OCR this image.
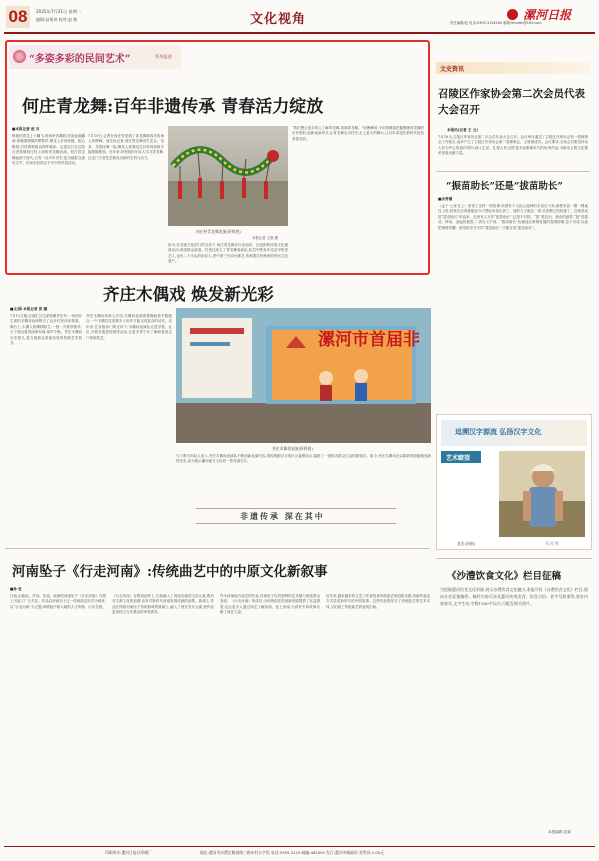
08	2025年7月21日 星期一
编辑:赵瑶玥 校对:赵 敏	文化视角	漯河日报
责任编辑/赵 电话:0395-3134000 邮箱:lhrbrbh@163.com
“多姿多彩的民间艺术”	系列报道
何庄青龙舞:百年非遗传承 青春活力绽放
■本报记者 赵 吉
鲜艳的青龙上下翻飞,时而昂首腾跃,时而盘旋翻滚,伴随着铿锵的锣鼓声,舞龙人步伐矫健、配合默契,引得围观群众阵阵喝彩。这是近日在召陵区老窝镇何庄村上演的青龙舞表演。何庄青龙舞起源于清代,已有一百多年历史,是当地群众逢年过节、庆祝丰收时必不可少的民俗活动。
7月19日,记者在何庄村见到了青龙舞第四代传承人何俊峰。他告诉记者,何庄青龙舞讲究龙头、龙身、龙尾协调一致,舞龙人需要经过长时间训练才能掌握要领。近年来,村里组织年轻人学习青龙舞,让这门古老技艺焕发出新的生机与活力。
何庄村青龙舞表演(资料图)
本报记者 王晨 摄
如今,在各级文化部门的支持下,何庄青龙舞多次参加市、区组织的民俗文化展演活动,深受群众欢迎。村里还成立了青龙舞表演队,队员中既有年过花甲的老艺人,也有二十出头的年轻人,老中青三代同台献艺,传承着这份珍贵的民间文化遗产。
“我们想让更多的人了解青龙舞,喜欢青龙舞。”何俊峰说,今后将继续挖掘整理青龙舞的历史资料,创新表演形式,让青龙舞走出村庄,走上更大的舞台,让百年非遗在新时代绽放青春光彩。
文史资讯
召陵区作家协会第二次会员代表大会召开
本报讯(记者 王 云)
7月16日,召陵区作家协会第二次会员代表大会召开。会议审议通过了召陵区作家协会第一届理事会工作报告,选举产生了召陵区作家协会第二届理事会、主席团成员。会议要求,全体会员要坚持以人民为中心的创作导向,深入生活、扎根人民,创作更多讴歌新时代的优秀作品,为推动召陵文化繁荣发展贡献力量。
“振苗助长”还是“拔苗助长”
■余秀谦
《孟子·公孙丑上》里讲了这样一则故事:宋国有个人担心他种的禾苗长不高,就把禾苗一棵一棵地往上拔,回家后还得意地说今天帮助禾苗长高了。他的儿子跑去一看,禾苗都已经枯萎了。这就是成语“拔苗助长”的由来。近来有人写作“振苗助长”,这是不对的。“拔”是拉出、抽出的意思,“振”是摇动、挥动、奋起的意思,二者含义不同。“拔苗助长”比喻违反事物发展的客观规律,急于求成,反而把事情弄糟。使用时应当写作“拔苗助长”,不能写成“振苗助长”。
齐庄木偶戏 焕发新光彩
■文/图 本报记者 张 娜
7月12日晚,在源汇区空冢郭镇齐庄村,一场别开生面的木偶戏表演吸引了众多村民前来观看。舞台上,木偶人物栩栩如生,一招一式惟妙惟肖,台下观众看得津津有味,掌声不断。齐庄木偶戏历史悠久,是当地群众喜闻乐见的传统艺术形式。
齐庄木偶戏传承人介绍,木偶戏表演需要操纵者手眼配合,一个木偶往往需要多人协作才能完成复杂的动作。近年来,在各级部门的支持下,木偶戏表演队走进学校、社区,开展非遗进校园等活动,让更多青少年了解和喜爱这门传统技艺。	漯河市首届非
齐庄木偶戏表演(资料图)
为了吸引年轻人加入,齐庄木偶戏表演队不断创新表演内容,将传统剧目与现代元素相结合,编排了一批贴近群众生活的新剧目。如今,齐庄木偶戏正以崭新的面貌焕发新的光彩,成为展示漯河地方文化的一张亮丽名片。
非遗传承 深在其中
追溯汉字源流 弘扬汉字文化
艺术瞭望
老农(油画)	马 可 作
河南坠子《行走河南》:传统曲艺中的中原文化新叙事
■孙 杜
日前,由曲谣、作词、作曲、表演的河南坠子《行走河南》在网上引起了广泛关注。作品以河南坠子这一传统曲艺形式为载体,以“行走河南”为主题,串联起中原大地的人文风物、山川名胜。
《行走河南》在唱词创作上,巧妙融入了河南各地的文化元素,既有对古都文化的追溯,也有对新时代河南发展成就的讴歌。曲调上,作品在保留河南坠子传统韵味的基础上,融入了现代音乐元素,使作品更加符合当代观众的审美需求。
作为河南地方曲艺的代表,河南坠子以其独特的艺术魅力深受群众喜爱。《行走河南》的成功,为传统曲艺的创新发展提供了有益借鉴,也让更多人通过曲艺了解河南、爱上河南,为讲好中原故事贡献了曲艺力量。
近年来,越来越多的文艺工作者投身传统曲艺的创新实践,用新的表达方式讲述新时代的中原故事。这些作品既坚守了传统曲艺的艺术本体,又拓展了传统曲艺的表现空间。
《沙澧饮食文化》栏目征稿
为挖掘漯河饮食文化资源,展示沙澧饮食文化魅力,本报开设《沙澧饮食文化》栏目,面向社会征集稿件。稿件内容可涉及漯河传统美食、饮食习俗、老字号故事等,要求内容真实,文字生动,字数1500字以内,可配发相关图片。
本报编辑 赵斌
印刷单位:漯河日报社印刷厂	地址:漯河市沙澧区解放路三路东村五字段 电话:0395-3119 邮编:462000 发行:漯河市邮政局 零售价:1.00元
